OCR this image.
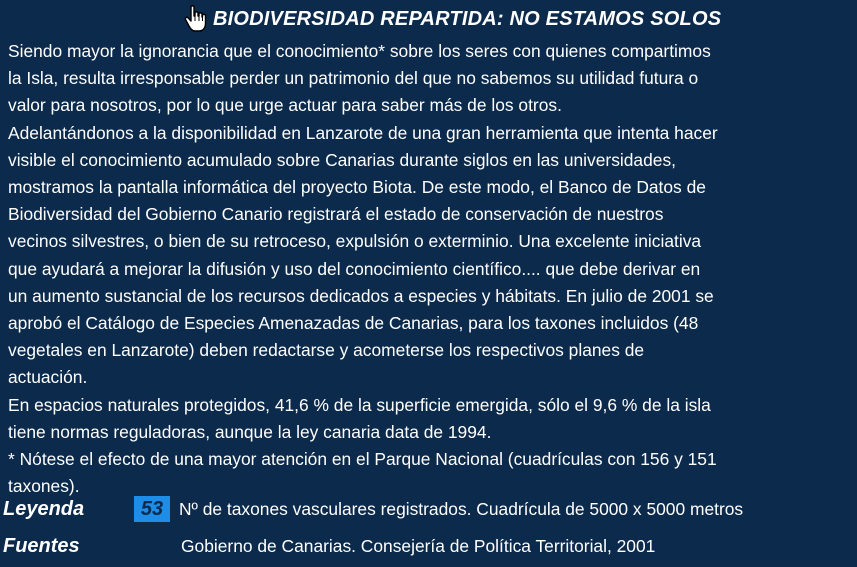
BIODIVERSIDAD REPARTIDA: NO ESTAMOS SOLOS

Siendo mayor la ignorancia que el conocimiento* sobre los seres con quienes compartimos
la Isla, resulta irresponsable perder un patrimonio del que no sabemos su utilidad futura o
valor para nosotros, por lo que urge actuar para saber más de los otros.

Adelantándonos a la disponibilidad en Lanzarote de una gran herramienta que intenta hacer
visible el conocimiento acumulado sobre Canarias durante siglos en las universidades,
mostramos la pantalla informática del proyecto Biota. De este modo, el Banco de Datos de
Biodiversidad del Gobierno Canario registrará el estado de conservación de nuestros
vecinos silvestres, o bien de su retroceso, expulsión o exterminio. Una excelente iniciativa
que ayudará a mejorar la difusión y uso del conocimiento científico.... que debe derivar en
un aumento sustancial de los recursos dedicados a especies y hábitats. En julio de 2001 se
aprobó el Catálogo de Especies Amenazadas de Canarias, para los taxones incluidos (48
vegetales en Lanzarote) deben redactarse y acometerse los respectivos planes de
actuación.

En espacios naturales protegidos, 41,6 % de la superficie emergida, sólo el 9,6 % de la isla
tiene normas reguladoras, aunque la ley canaria data de 1994.

* Nótese el efecto de una mayor atención en el Parque Nacional (cuadrículas con 156 y 151
taxones).

Leyenda	53 Nº de taxones vasculares registrados. Cuadrícula de 5000 x 5000 metros
Fuentes	Gobierno de Canarias. Consejería de Política Territorial, 2001
